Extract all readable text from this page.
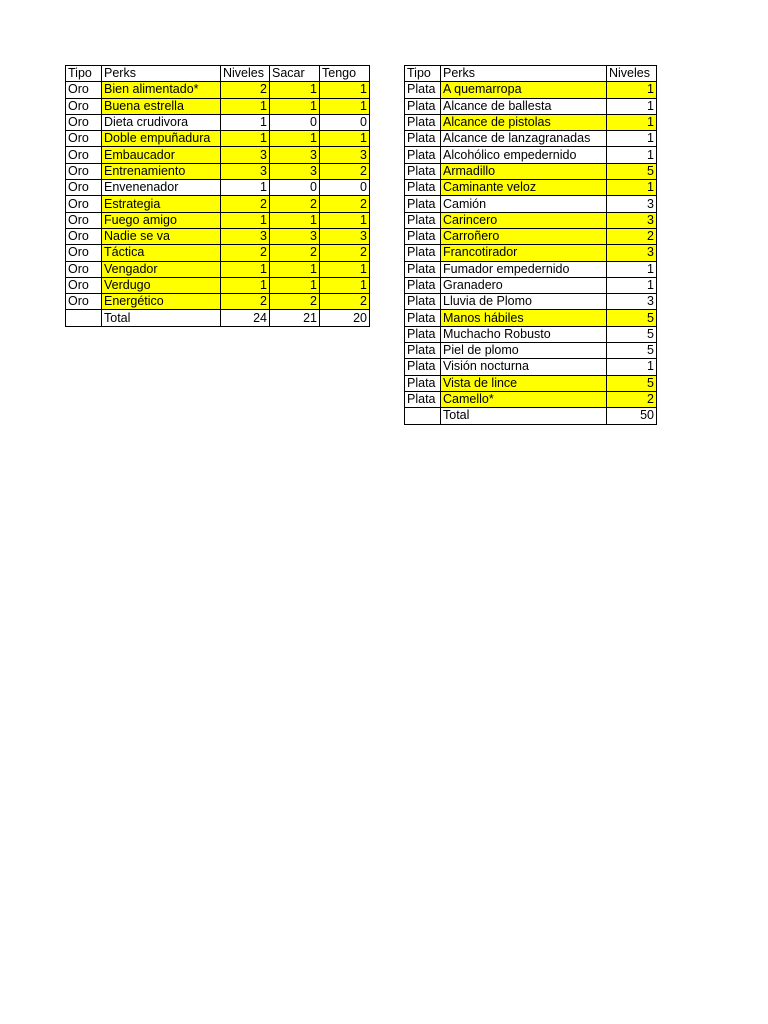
Tipo	Perks	Niveles	Sacar	Tengo
Oro	Bien alimentado*	2	1	1
Oro	Buena estrella	1	1	1
Oro	Dieta crudivora	1	0	0
Oro	Doble empuñadura	1	1	1
Oro	Embaucador	3	3	3
Oro	Entrenamiento	3	3	2
Oro	Envenenador	1	0	0
Oro	Estrategia	2	2	2
Oro	Fuego amigo	1	1	1
Oro	Nadie se va	3	3	3
Oro	Táctica	2	2	2
Oro	Vengador	1	1	1
Oro	Verdugo	1	1	1
Oro	Energético	2	2	2
	Total	24	21	20
Tipo	Perks	Niveles
Plata	A quemarropa	1
Plata	Alcance de ballesta	1
Plata	Alcance de pistolas	1
Plata	Alcance de lanzagranadas	1
Plata	Alcohólico empedernido	1
Plata	Armadillo	5
Plata	Caminante veloz	1
Plata	Camión	3
Plata	Carincero	3
Plata	Carroñero	2
Plata	Francotirador	3
Plata	Fumador empedernido	1
Plata	Granadero	1
Plata	Lluvia de Plomo	3
Plata	Manos hábiles	5
Plata	Muchacho Robusto	5
Plata	Piel de plomo	5
Plata	Visión nocturna	1
Plata	Vista de lince	5
Plata	Camello*	2
	Total	50
